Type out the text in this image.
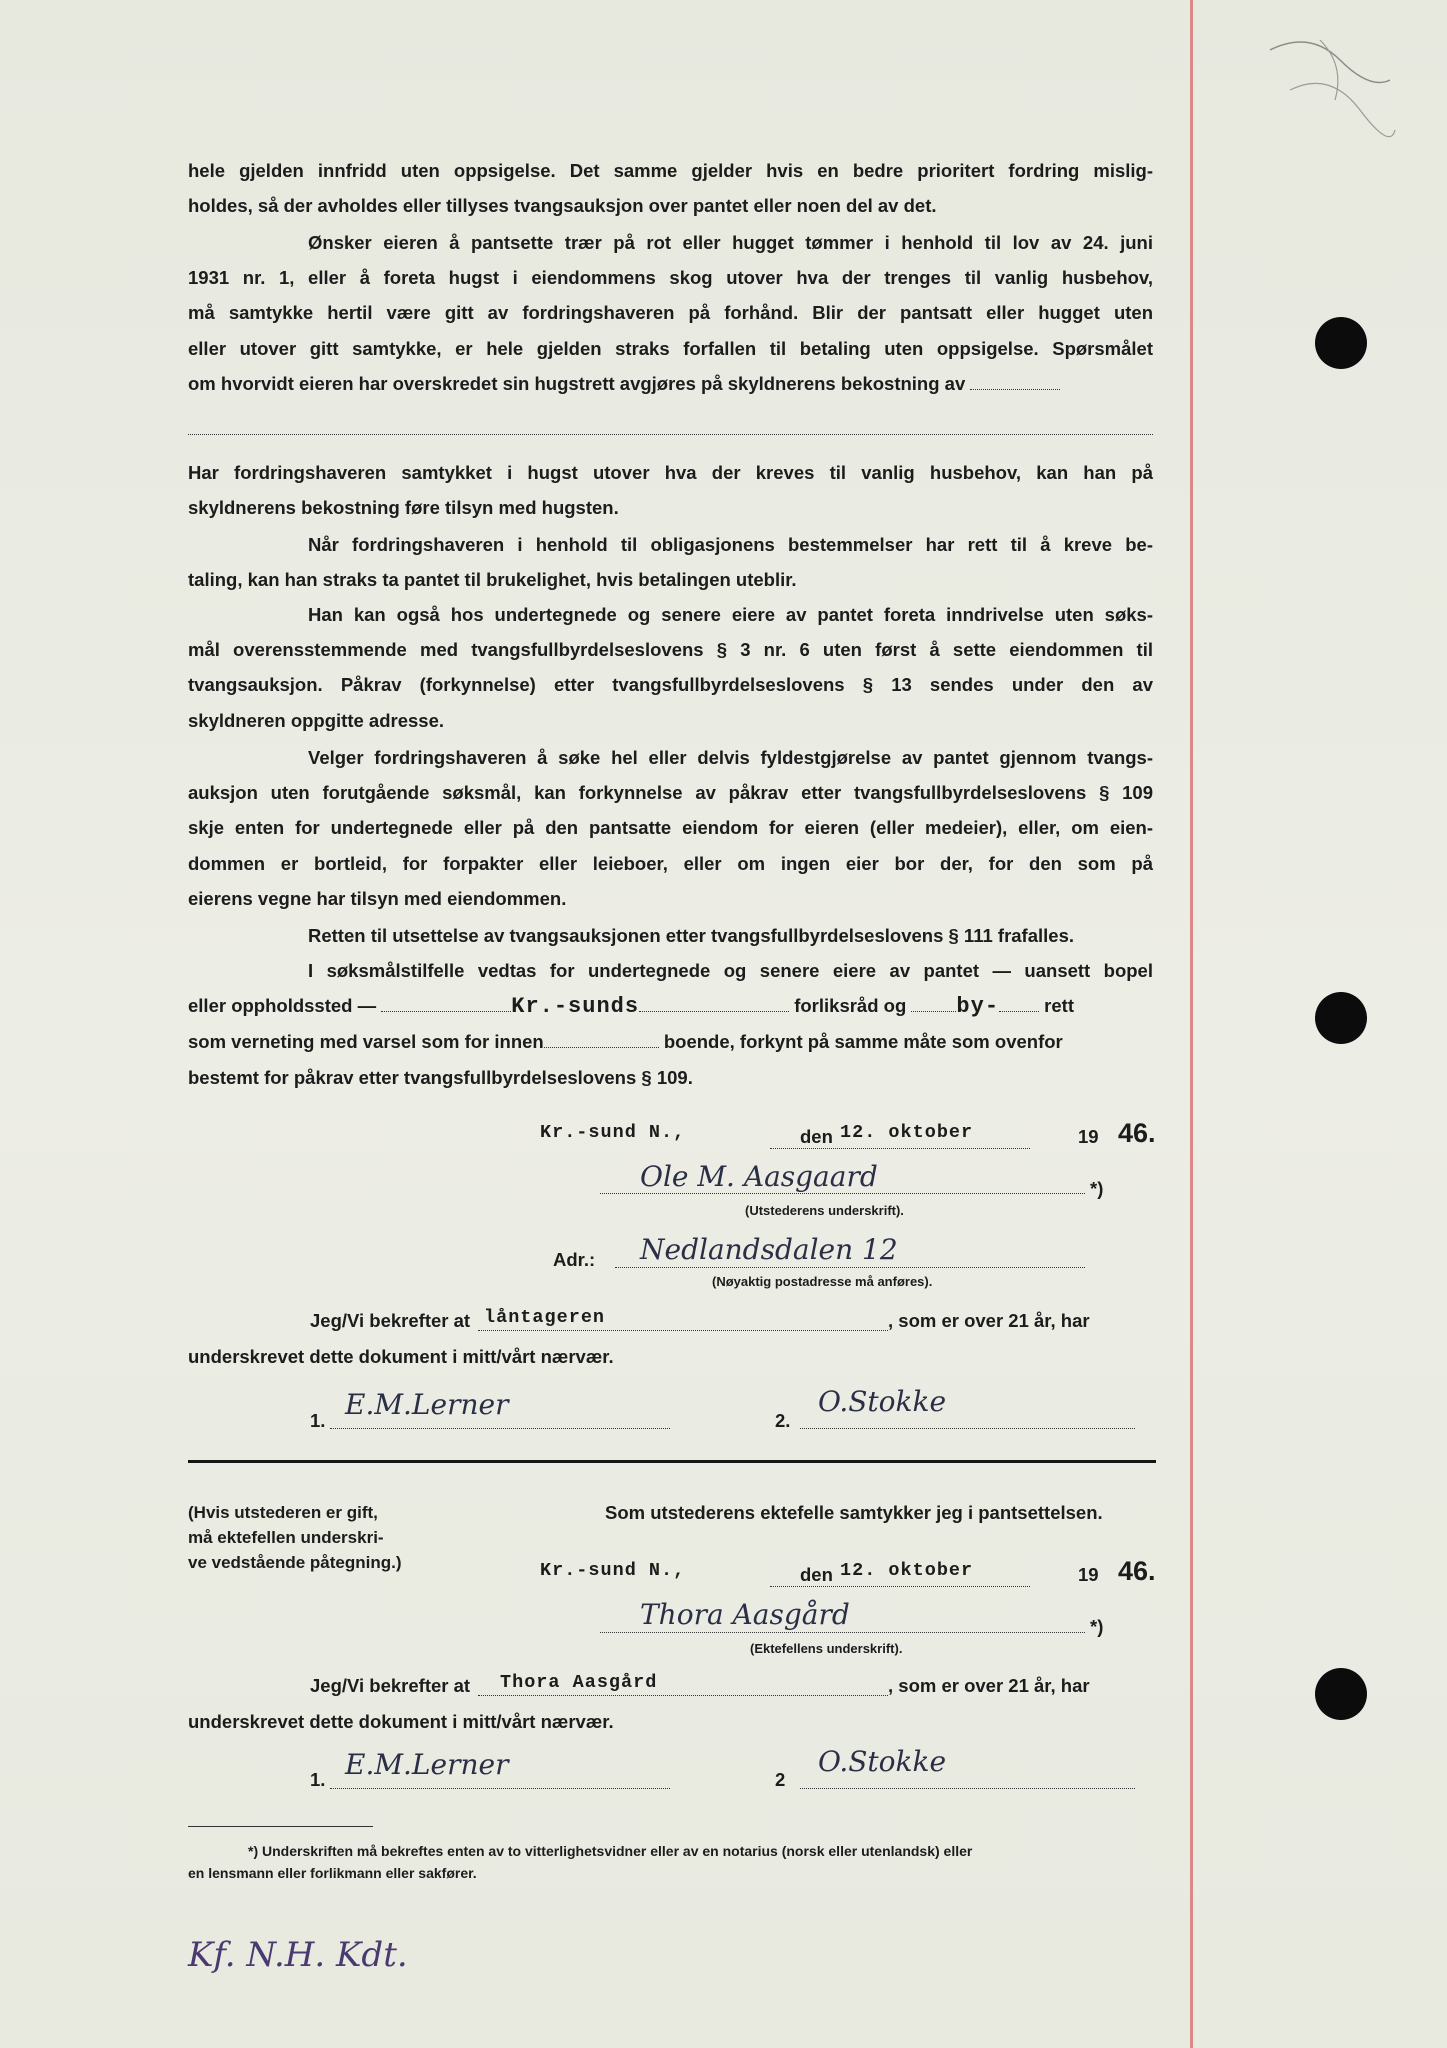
hele gjelden innfridd uten oppsigelse. Det samme gjelder hvis en bedre prioritert fordring mislig-
holdes, så der avholdes eller tillyses tvangsauksjon over pantet eller noen del av det.
Ønsker eieren å pantsette trær på rot eller hugget tømmer i henhold til lov av 24. juni
1931 nr. 1, eller å foreta hugst i eiendommens skog utover hva der trenges til vanlig husbehov,
må samtykke hertil være gitt av fordringshaveren på forhånd. Blir der pantsatt eller hugget uten
eller utover gitt samtykke, er hele gjelden straks forfallen til betaling uten oppsigelse. Spørsmålet
om hvorvidt eieren har overskredet sin hugstrett avgjøres på skyldnerens bekostning av
Har fordringshaveren samtykket i hugst utover hva der kreves til vanlig husbehov, kan han på
skyldnerens bekostning føre tilsyn med hugsten.
Når fordringshaveren i henhold til obligasjonens bestemmelser har rett til å kreve be-
taling, kan han straks ta pantet til brukelighet, hvis betalingen uteblir.
Han kan også hos undertegnede og senere eiere av pantet foreta inndrivelse uten søks-
mål overensstemmende med tvangsfullbyrdelseslovens § 3 nr. 6 uten først å sette eiendommen til
tvangsauksjon. Påkrav (forkynnelse) etter tvangsfullbyrdelseslovens § 13 sendes under den av
skyldneren oppgitte adresse.
Velger fordringshaveren å søke hel eller delvis fyldestgjørelse av pantet gjennom tvangs-
auksjon uten forutgående søksmål, kan forkynnelse av påkrav etter tvangsfullbyrdelseslovens § 109
skje enten for undertegnede eller på den pantsatte eiendom for eieren (eller medeier), eller, om eien-
dommen er bortleid, for forpakter eller leieboer, eller om ingen eier bor der, for den som på
eierens vegne har tilsyn med eiendommen.
Retten til utsettelse av tvangsauksjonen etter tvangsfullbyrdelseslovens § 111 frafalles.
I søksmålstilfelle vedtas for undertegnede og senere eiere av pantet — uansett bopel
eller oppholdssted —	Kr.-sunds	forliksråd og by- rett
som verneting med varsel som for innen	boende, forkynt på samme måte som ovenfor
bestemt for påkrav etter tvangsfullbyrdelseslovens § 109.
Kr.-sund N.,	den 12. oktober	19 46.
Ole M. Aasgaard	*)
(Utstederens underskrift).
Adr.: Nedlandsdalen 12
(Nøyaktig postadresse må anføres).
Jeg/Vi bekrefter at låntageren	, som er over 21 år, har
underskrevet dette dokument i mitt/vårt nærvær.
1. E.M.Lerner	2.
O.Stokke
(Hvis utstederen er gift,
må ektefellen underskri-
ve vedstående påtegning.)
Som utstederens ektefelle samtykker jeg i pantsettelsen.
Kr.-sund N.,	den 12. oktober	19 46.
Thora Aasgård	*)
(Ektefellens underskrift).
Jeg/Vi bekrefter at Thora Aasgård	, som er over 21 år, har
underskrevet dette dokument i mitt/vårt nærvær.
1. E.M.Lerner	2
O.Stokke
*) Underskriften må bekreftes enten av to vitterlighetsvidner eller av en notarius (norsk eller utenlandsk) eller
en lensmann eller forlikmann eller sakfører.
Kf. N.H. Kdt.
